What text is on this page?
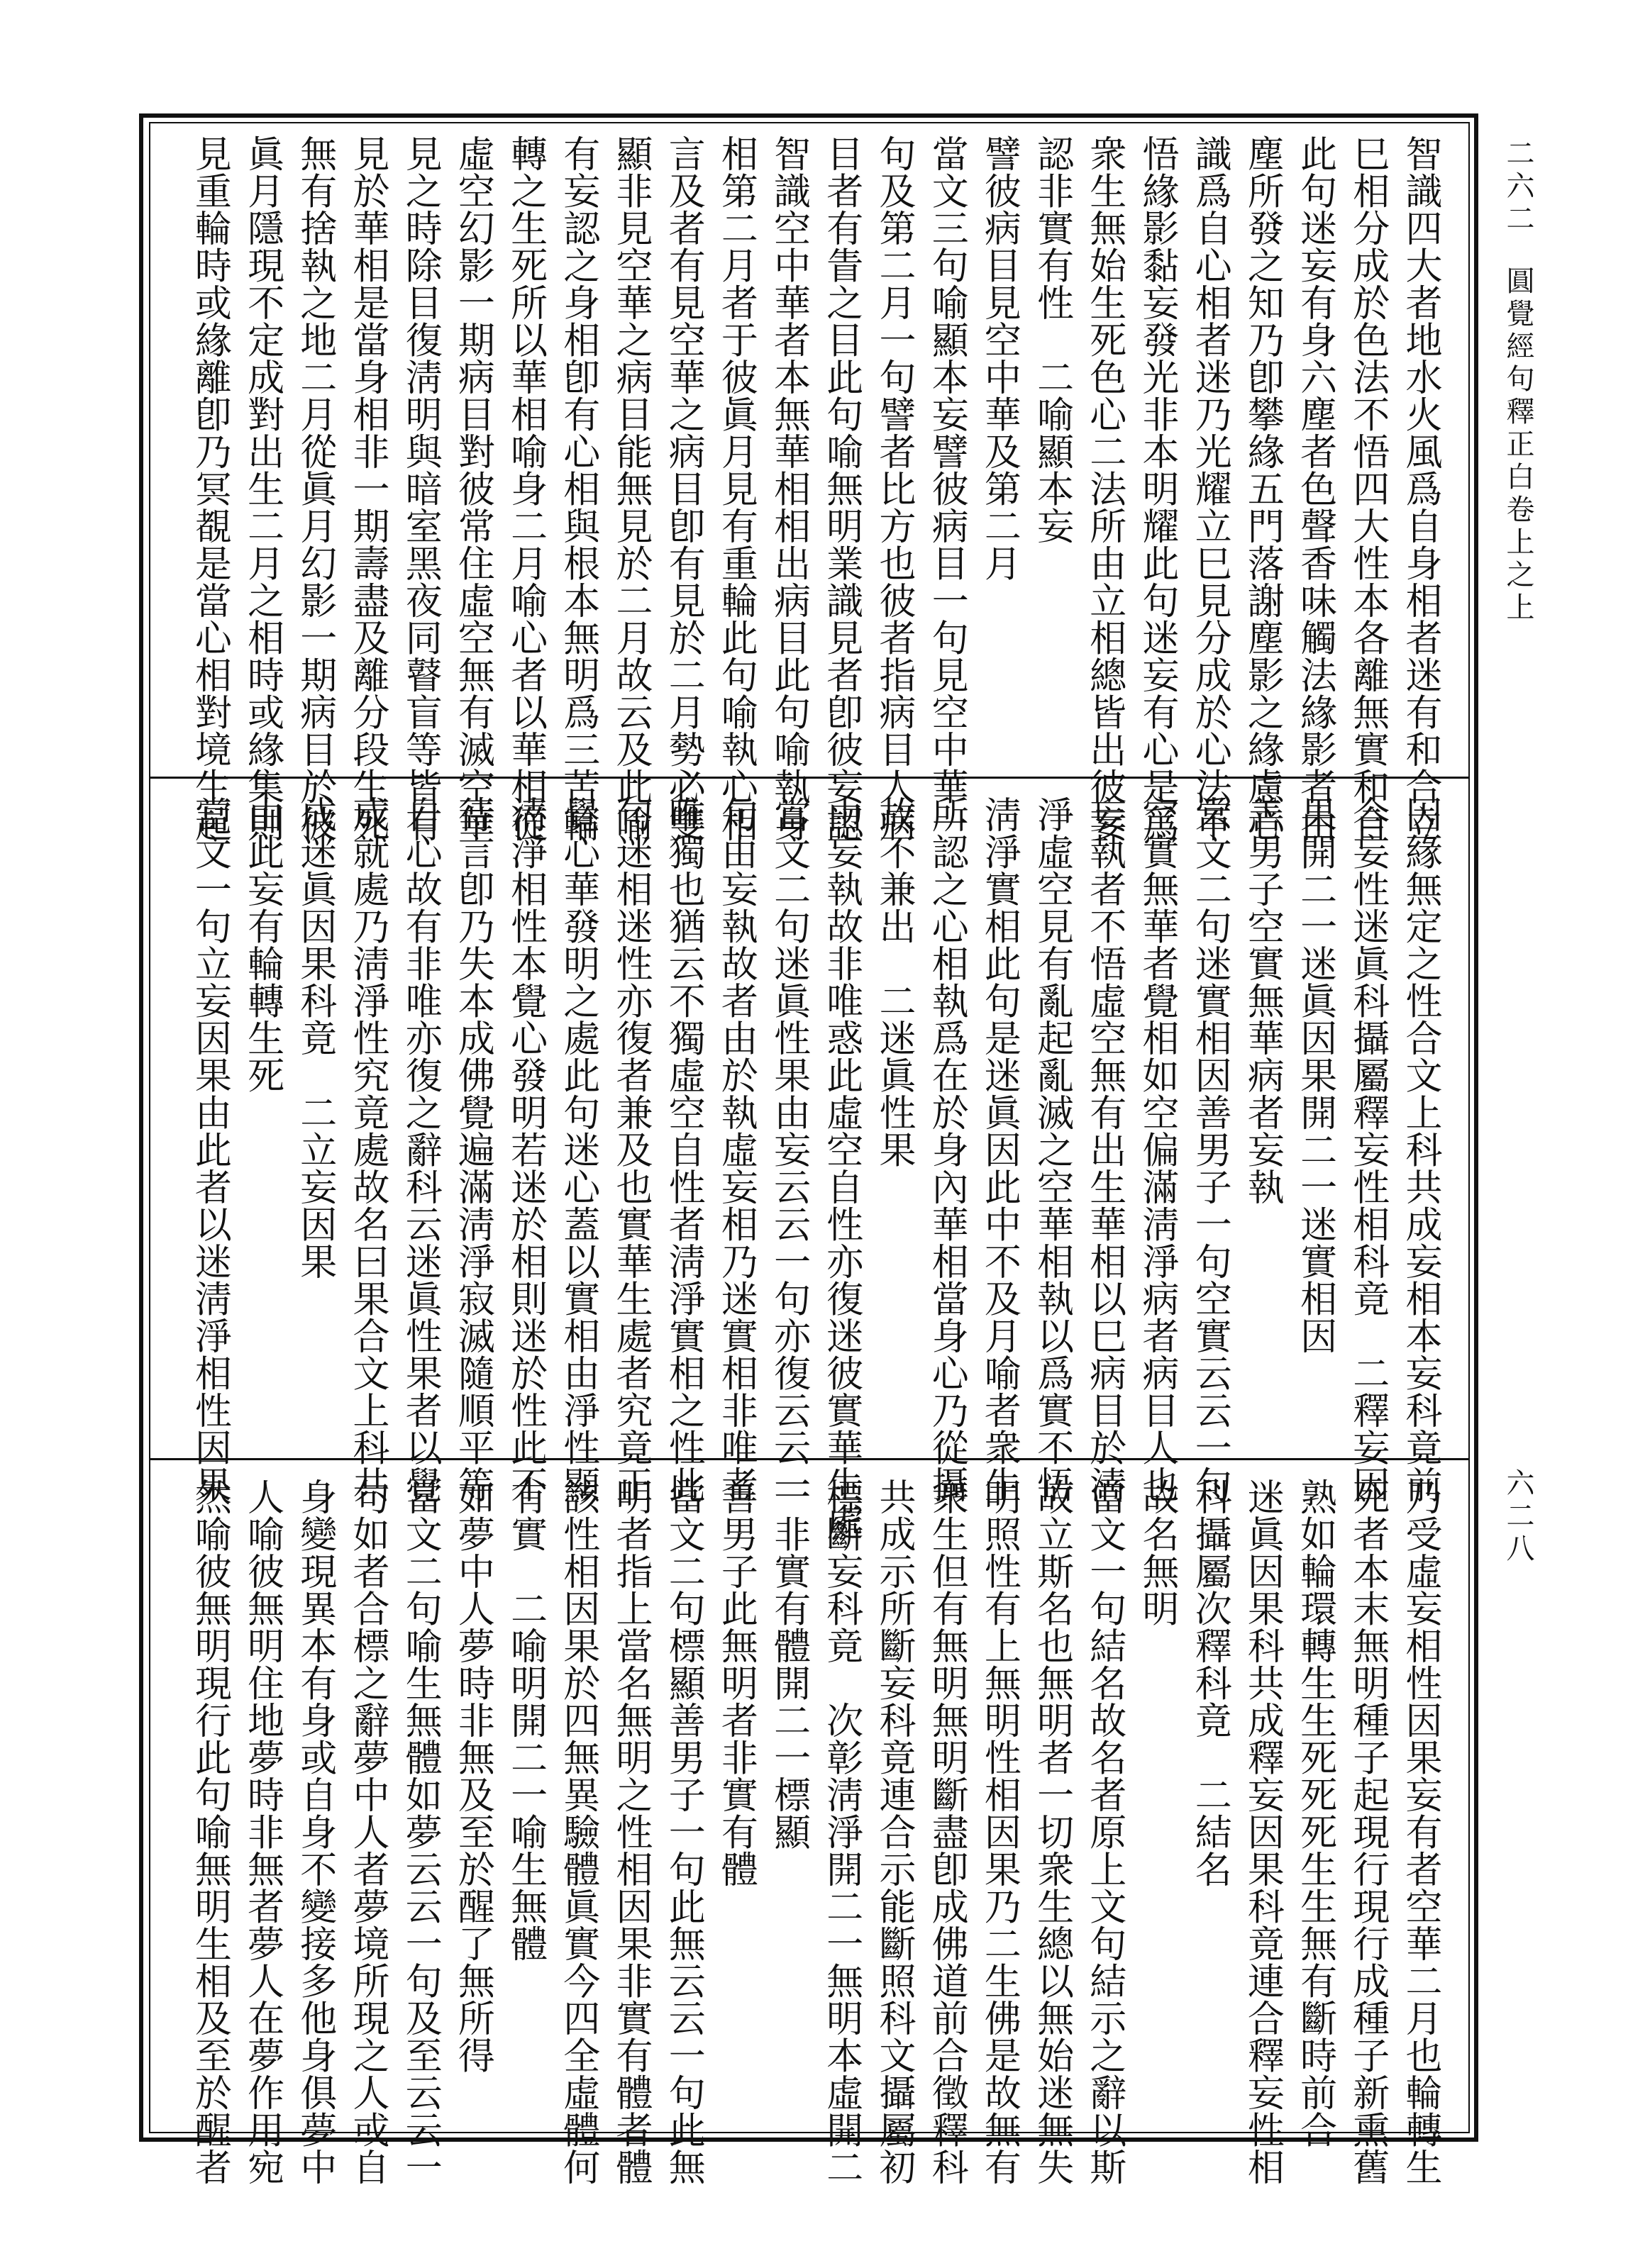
二六二
圓覺經句釋正白卷上之上
六二八
智識四大者地水火風爲自身相者迷有和合立
巳相分成於色法不悟四大性本各離無實和合
此句迷妄有身六塵者色聲香味觸法緣影者由
塵所發之知乃卽攀緣五門落謝塵影之緣慮心
識爲自心相者迷乃光耀立巳見分成於心法不
悟緣影黏妄發光非本明耀此句迷妄有心是爲
衆生無始生死色心二法所由立相總皆出彼妄
認非實有性　二喻顯本妄
譬彼病目見空中華及第二月
當文三句喻顯本妄譬彼病目一句見空中華一
句及第二月一句譬者比方也彼者指病目人病
目者有眚之目此句喻無明業識見者卽彼妄認
智識空中華者本無華相相出病目此句喻執身
相第二月者于彼眞月見有重輪此句喻執心相
言及者有見空華之病目卽有見於二月勢必雙
顯非見空華之病目能無見於二月故云及此喻
有妄認之身相卽有心相與根本無明爲三苦輪
轉之生死所以華相喻身二月喻心者以華相從
虛空幻影一期病目對彼常住虛空無有滅空華
見之時除目復淸明與暗室黑夜同瞽盲等皆有
見於華相是當身相非一期壽盡及離分段生死
無有捨執之地二月從眞月幻影一期病目於彼
眞月隱現不定成對出生二月之相時或緣集則
見重輪時或緣離卽乃冥覩是當心相對境生起
因緣無定之性合文上科共成妄相本妄科竟前
合妄性迷眞科攝屬釋妄性相科竟　二釋妄因
果開二一迷眞因果開二一迷實相因
善男子空實無華病者妄執
當文二句迷實相因善男子一句空實云云一句
空實無華者覺相如空偏滿淸淨病者病目人也
妄執者不悟虛空無有出生華相以巳病目於淸
淨虛空見有亂起亂滅之空華相執以爲實不悟
淸淨實相此句是迷眞因此中不及月喻者衆生
所認之心相執爲在於身內華相當身心乃從攝
故不兼出　二迷眞性果
由妄執故非唯惑此虛空自性亦復迷彼實華生處
當文二句迷眞性果由妄云云一句亦復云云一
句由妄執故者由於執虛妄相乃迷實相非唯者
唯獨也猶云不獨虛空自性者淸淨實相之性此
句迷相迷性亦復者兼及也實華生處者究竟正
覺心華發明之處此句迷心蓋以實相由淨性顯
淸淨相性本覺心發明若迷於相則迷於性此不
待言卽乃失本成佛覺遍滿淸淨寂滅隨順平等
自心故有非唯亦復之辭科云迷眞性果者以覺
成就處乃淸淨性究竟處故名曰果合文上科共
成迷眞因果科竟　二立妄因果
由此妄有輪轉生死
當文一句立妄因果由此者以迷淸淨相性因果
乃受虛妄相性因果妄有者空華二月也輪轉生
死者本末無明種子起現行現行成種子新熏舊
熟如輪環轉生生死死死生生無有斷時前合
迷眞因果科共成釋妄因果科竟連合釋妄性相
科攝屬次釋科竟　二結名
故名無明
當文一句結名故名者原上文句結示之辭以斯
故立斯名也無明者一切衆生總以無始迷無失
明照性有上無明性相因果乃二生佛是故無有
衆生但有無明無明斷盡卽成佛道前合徵釋科
共成示所斷妄科竟連合示能斷照科文攝屬初
標斷妄科竟　次彰淸淨開二一無明本虛開二
一非實有體開二一標顯
善男子此無明者非實有體
當文二句標顯善男子一句此無云云一句此無
明者指上當名無明之性相因果非實有體者體
該性相因果於四無異驗體眞實今四全虛體何
有實　二喻明開二一喻生無體
如夢中人夢時非無及至於醒了無所得
當文二句喻生無體如夢云云一句及至云云一
句如者合標之辭夢中人者夢境所現之人或自
身變現異本有身或自身不變接多他身俱夢中
人喻彼無明住地夢時非無者夢人在夢作用宛
然喻彼無明現行此句喻無明生相及至於醒者
